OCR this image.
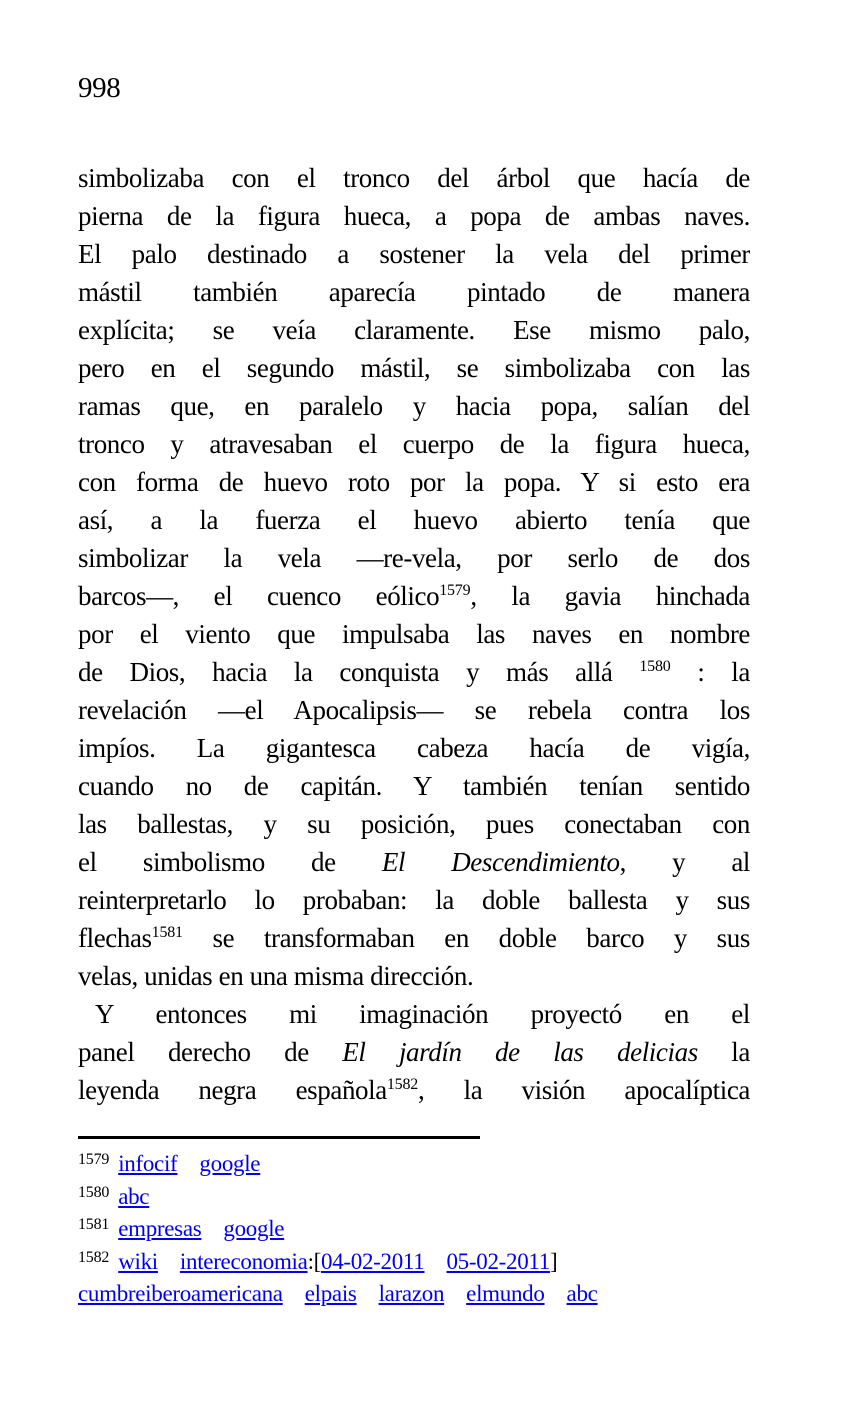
998
simbolizaba con el tronco del árbol que hacía de
pierna de la figura hueca, a popa de ambas naves.
El palo destinado a sostener la vela del primer
mástil también aparecía pintado de manera
explícita; se veía claramente. Ese mismo palo,
pero en el segundo mástil, se simbolizaba con las
ramas que, en paralelo y hacia popa, salían del
tronco y atravesaban el cuerpo de la figura hueca,
con forma de huevo roto por la popa. Y si esto era
así, a la fuerza el huevo abierto tenía que
simbolizar la vela —re-vela, por serlo de dos
barcos—, el cuenco eólico$^{1579}$, la gavia hinchada
por el viento que impulsaba las naves en nombre
de Dios, hacia la conquista y más allá $^{1580}$ : la
revelación —el Apocalipsis— se rebela contra los
impíos. La gigantesca cabeza hacía de vigía,
cuando no de capitán. Y también tenían sentido
las ballestas, y su posición, pues conectaban con
el simbolismo de El Descendimiento, y al
reinterpretarlo lo probaban: la doble ballesta y sus
flechas$^{1581}$ se transformaban en doble barco y sus
velas, unidas en una misma dirección.
Y entonces mi imaginación proyectó en el
panel derecho de El jardín de las delicias la
leyenda negra española$^{1582}$, la visión apocalíptica
$^{1579}$ infocif google
$^{1580}$ abc
$^{1581}$ empresas google
$^{1582}$ wiki intereconomia:[04-02-2011 05-02-2011]
cumbreiberoamericana elpais larazon elmundo abc
